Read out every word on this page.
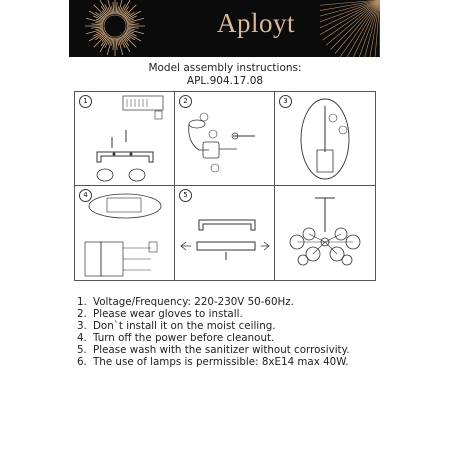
Aployt
Model assembly instructions:
APL.904.17.08
1	2	3
4	5
1. Voltage/Frequency: 220-230V 50-60Hz.
2. Please wear gloves to install.
3. Don`t install it on the moist ceiling.
4. Turn off the power before cleanout.
5. Please wash with the sanitizer without corrosivity.
6. The use of lamps is permissible: 8xE14 max 40W.
